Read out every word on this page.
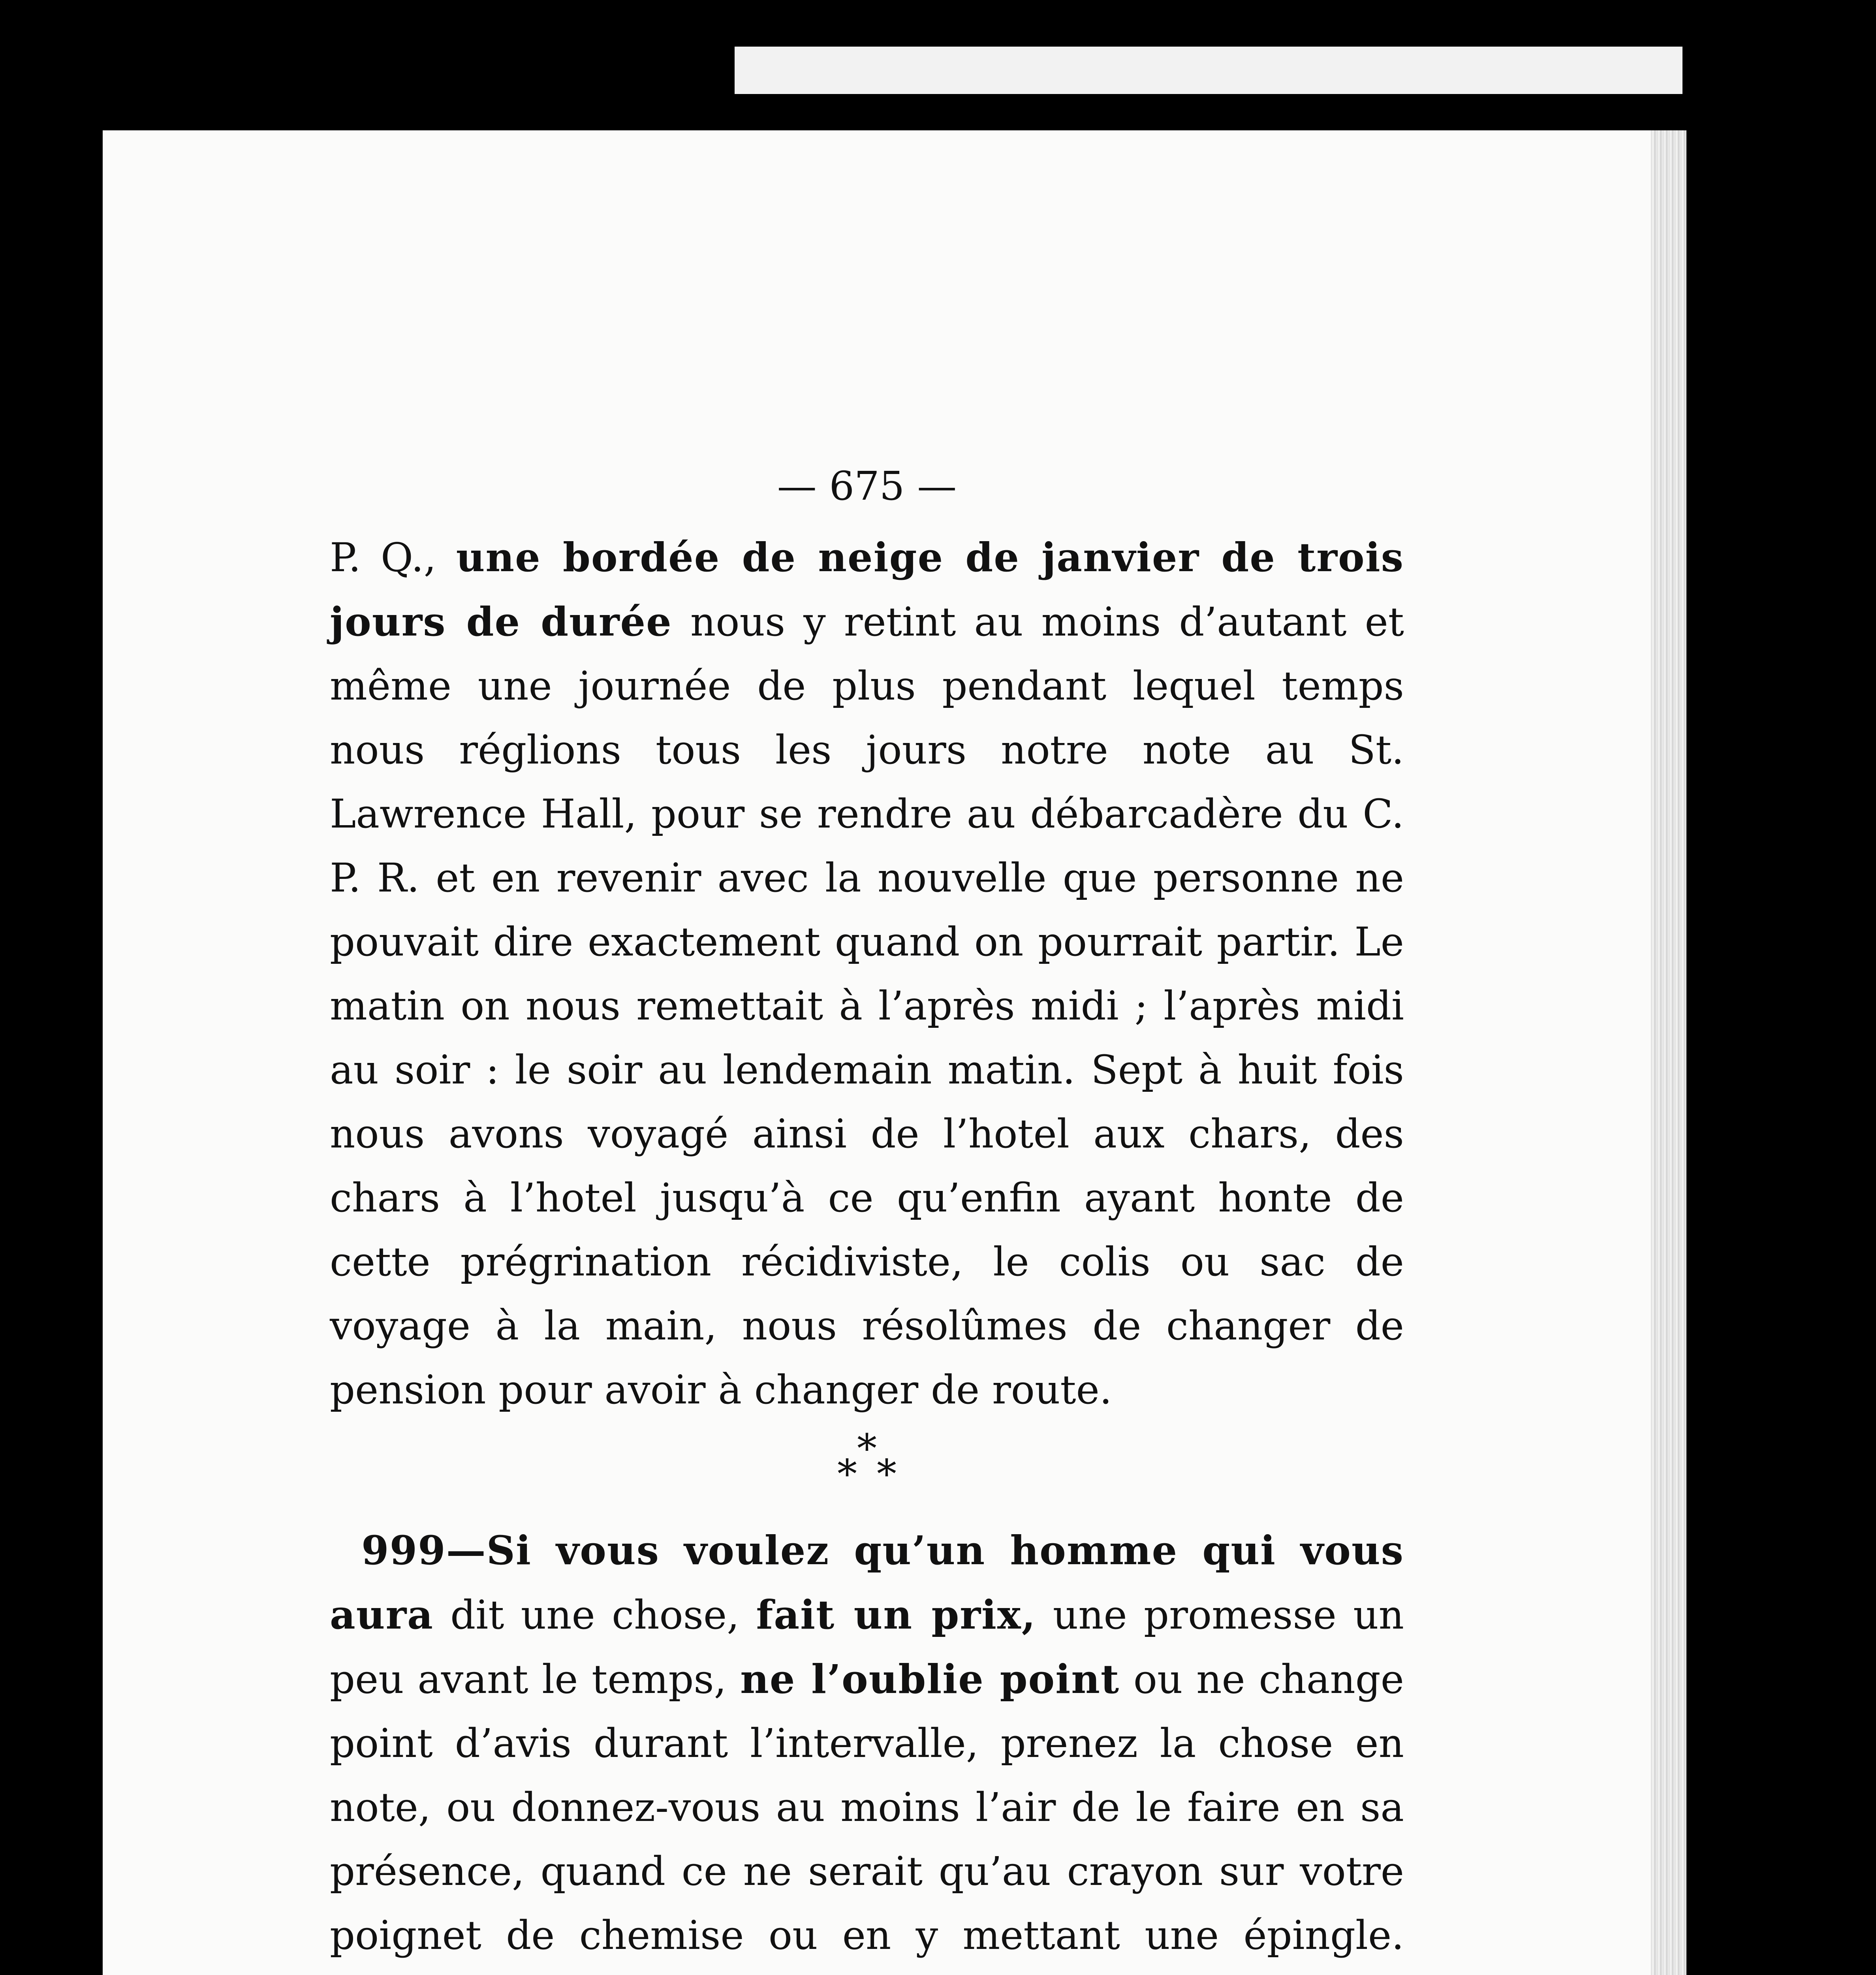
— 675 —

P. Q., une bordée de neige de janvier de trois jours de durée nous y retint au moins d’autant et même une journée de plus pendant lequel temps nous réglions tous les jours notre note au St. Lawrence Hall, pour se rendre au débarcadère du C. P. R. et en revenir avec la nouvelle que personne ne pouvait dire exactement quand on pourrait partir. Le matin on nous remettait à l’après midi ; l’après midi au soir : le soir au lendemain matin. Sept à huit fois nous avons voyagé ainsi de l’hotel aux chars, des chars à l’hotel jusqu’à ce qu’enfin ayant honte de cette prégrination récidiviste, le colis ou sac de voyage à la main, nous résolûmes de changer de pension pour avoir à changer de route.

***

999—Si vous voulez qu’un homme qui vous aura dit une chose, fait un prix, une promesse un peu avant le temps, ne l’oublie point ou ne change point d’avis durant l’intervalle, prenez la chose en note, ou donnez-vous au moins l’air de le faire en sa présence, quand ce ne serait qu’au crayon sur votre poignet de chemise ou en y mettant une épingle.
